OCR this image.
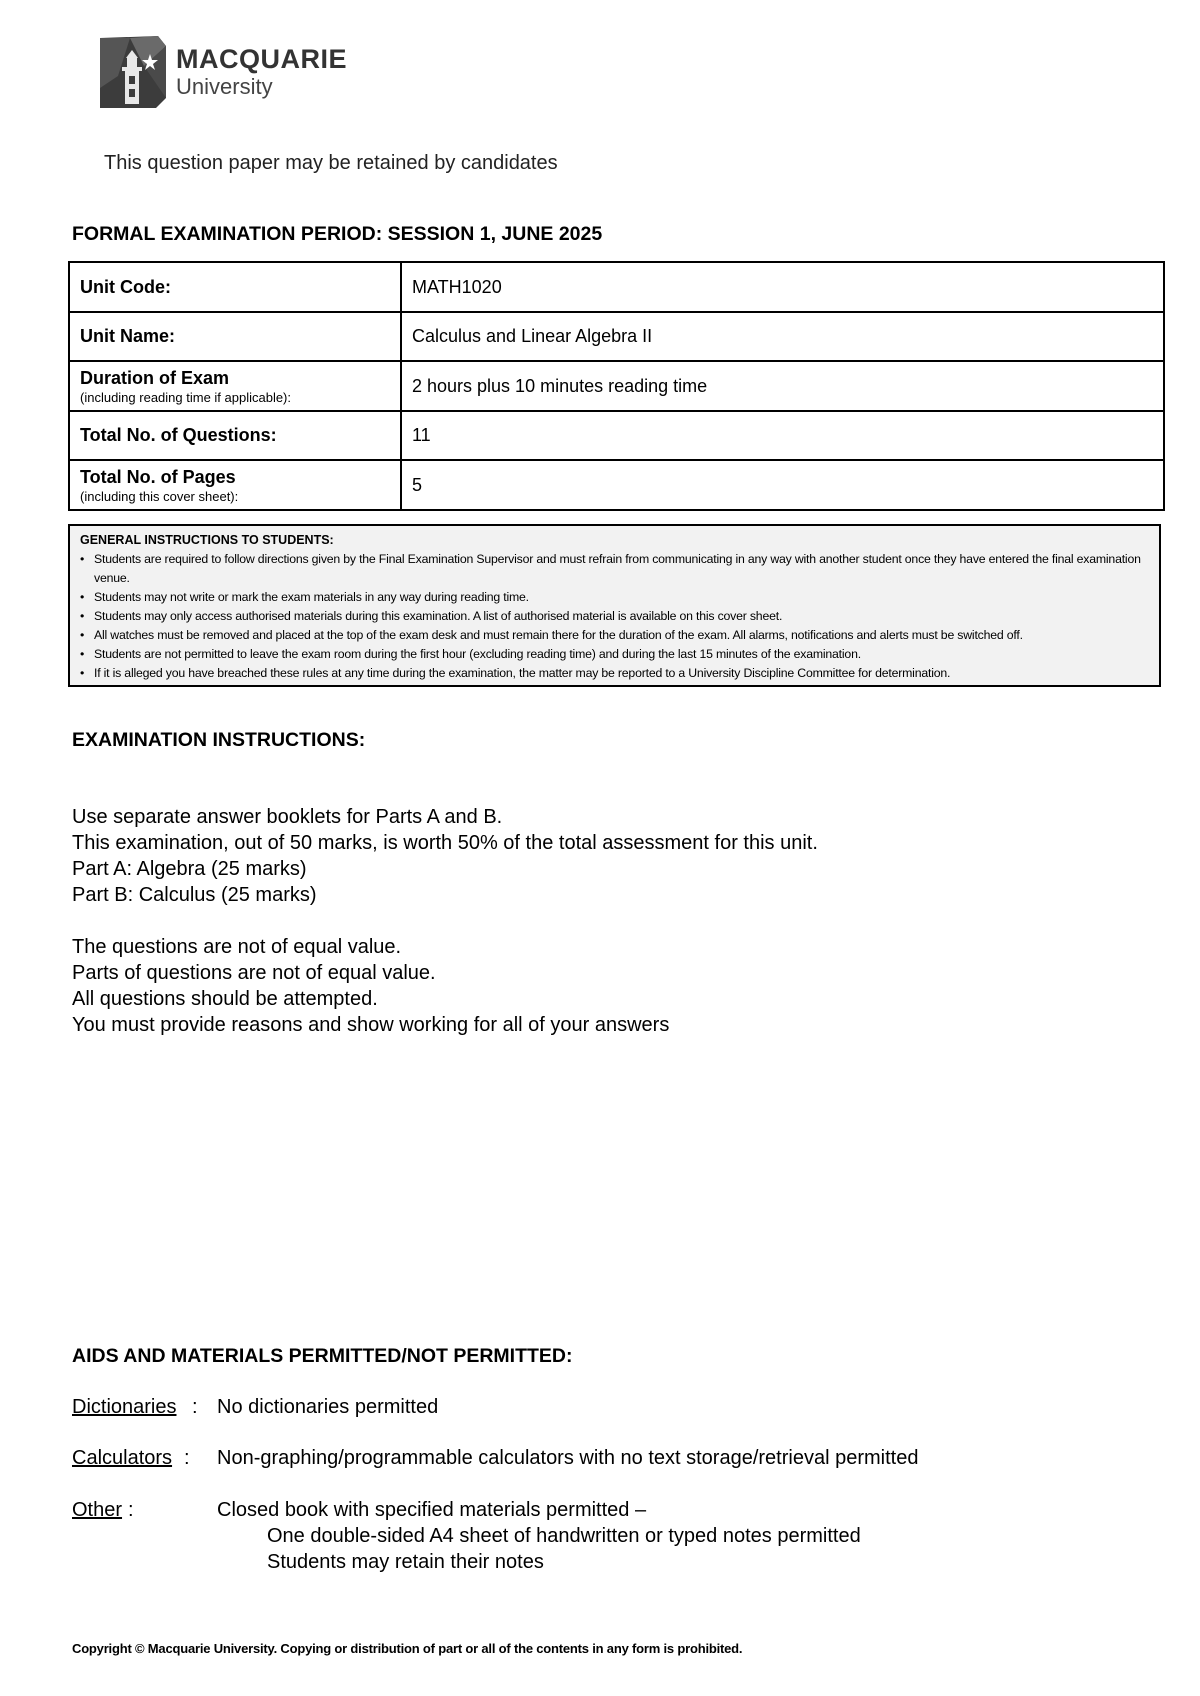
MACQUARIE
University
This question paper may be retained by candidates
FORMAL EXAMINATION PERIOD: SESSION 1, JUNE 2025
Unit Code:	MATH1020
Unit Name:	Calculus and Linear Algebra II
Duration of Exam
(including reading time if applicable):	2 hours plus 10 minutes reading time
Total No. of Questions:	11
Total No. of Pages
(including this cover sheet):	5
GENERAL INSTRUCTIONS TO STUDENTS:
• Students are required to follow directions given by the Final Examination Supervisor and must refrain from communicating in any way with another student once they have entered the final examination venue.
• Students may not write or mark the exam materials in any way during reading time.
• Students may only access authorised materials during this examination. A list of authorised material is available on this cover sheet.
• All watches must be removed and placed at the top of the exam desk and must remain there for the duration of the exam. All alarms, notifications and alerts must be switched off.
• Students are not permitted to leave the exam room during the first hour (excluding reading time) and during the last 15 minutes of the examination.
• If it is alleged you have breached these rules at any time during the examination, the matter may be reported to a University Discipline Committee for determination.
EXAMINATION INSTRUCTIONS:
Use separate answer booklets for Parts A and B.
This examination, out of 50 marks, is worth 50% of the total assessment for this unit.
Part A: Algebra (25 marks)
Part B: Calculus (25 marks)
The questions are not of equal value.
Parts of questions are not of equal value.
All questions should be attempted.
You must provide reasons and show working for all of your answers
AIDS AND MATERIALS PERMITTED/NOT PERMITTED:
Dictionaries : No dictionaries permitted
Calculators : Non-graphing/programmable calculators with no text storage/retrieval permitted
Other :	Closed book with specified materials permitted –
One double-sided A4 sheet of handwritten or typed notes permitted
Students may retain their notes
Copyright © Macquarie University. Copying or distribution of part or all of the contents in any form is prohibited.
